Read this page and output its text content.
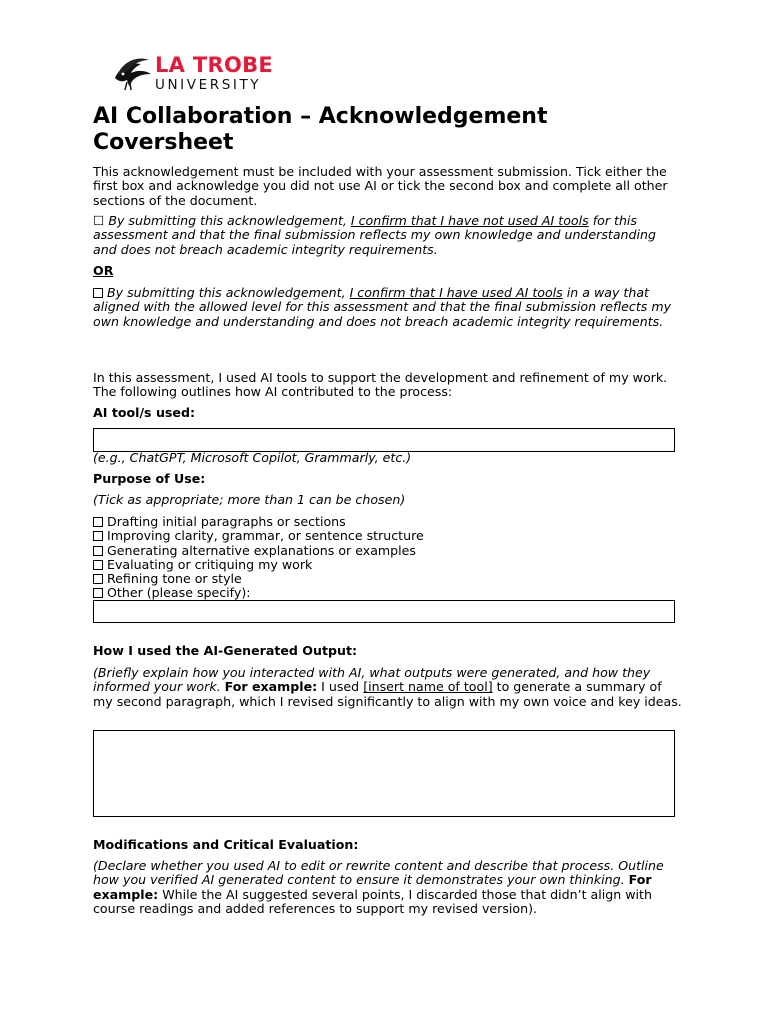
LA TROBE
UNIVERSITY
AI Collaboration – Acknowledgement Coversheet

This acknowledgement must be included with your assessment submission. Tick either the first box and acknowledge you did not use AI or tick the second box and complete all other sections of the document.

☐ By submitting this acknowledgement, I confirm that I have not used AI tools for this assessment and that the final submission reflects my own knowledge and understanding and does not breach academic integrity requirements.

OR

By submitting this acknowledgement, I confirm that I have used AI tools in a way that aligned with the allowed level for this assessment and that the final submission reflects my own knowledge and understanding and does not breach academic integrity requirements.

In this assessment, I used AI tools to support the development and refinement of my work. The following outlines how AI contributed to the process:

AI tool/s used:

(e.g., ChatGPT, Microsoft Copilot, Grammarly, etc.)

Purpose of Use:

(Tick as appropriate; more than 1 can be chosen)

Drafting initial paragraphs or sections
Improving clarity, grammar, or sentence structure
Generating alternative explanations or examples
Evaluating or critiquing my work
Refining tone or style
Other (please specify):

How I used the AI-Generated Output:

(Briefly explain how you interacted with AI, what outputs were generated, and how they informed your work. For example: I used [insert name of tool] to generate a summary of my second paragraph, which I revised significantly to align with my own voice and key ideas.

Modifications and Critical Evaluation:

(Declare whether you used AI to edit or rewrite content and describe that process. Outline how you verified AI generated content to ensure it demonstrates your own thinking. For example: While the AI suggested several points, I discarded those that didn’t align with course readings and added references to support my revised version).
